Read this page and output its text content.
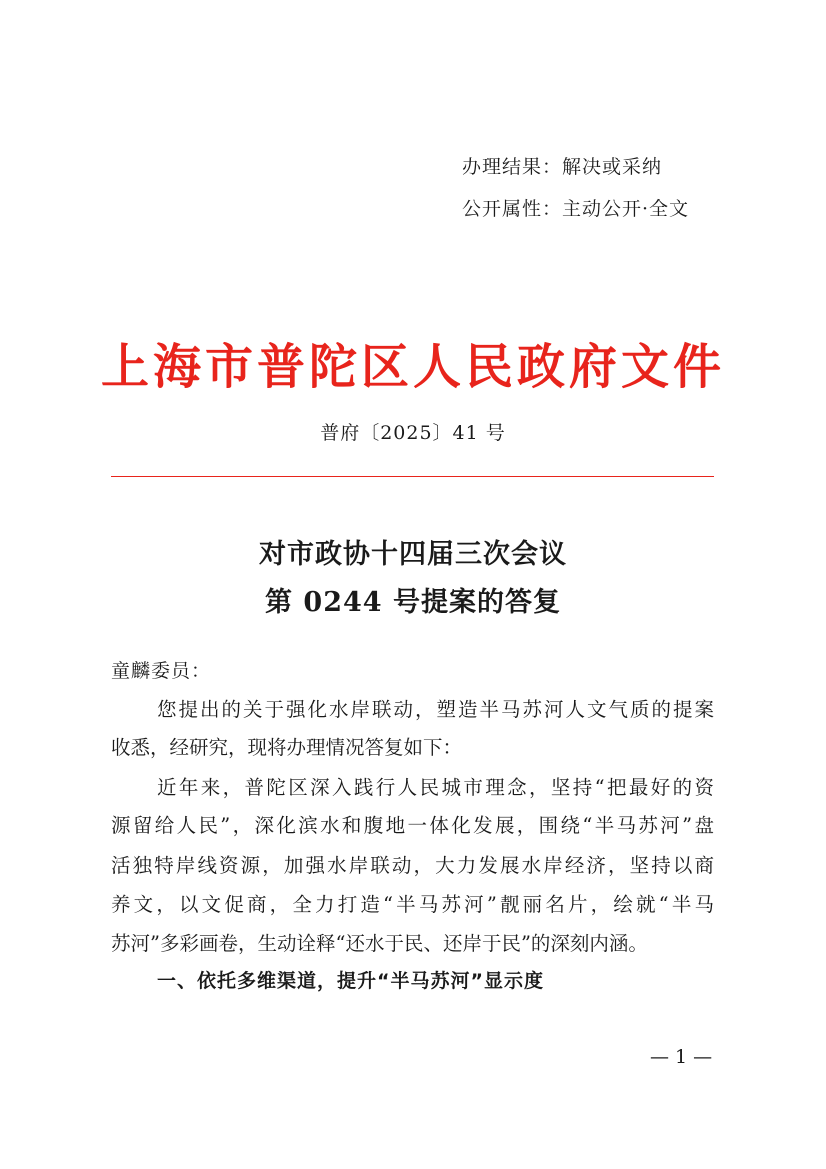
办理结果：解决或采纳
公开属性：主动公开·全文
上海市普陀区人民政府文件
普府〔2025〕41 号
对市政协十四届三次会议
第 0244 号提案的答复
童麟委员：
您提出的关于强化水岸联动，塑造半马苏河人文气质的提案
收悉，经研究，现将办理情况答复如下：
近年来，普陀区深入践行人民城市理念，坚持“把最好的资
源留给人民”，深化滨水和腹地一体化发展，围绕“半马苏河”盘
活独特岸线资源，加强水岸联动，大力发展水岸经济，坚持以商
养文，以文促商，全力打造“半马苏河”靓丽名片，绘就“半马
苏河”多彩画卷，生动诠释“还水于民、还岸于民”的深刻内涵。
一、依托多维渠道，提升“半马苏河”显示度
— 1 —
